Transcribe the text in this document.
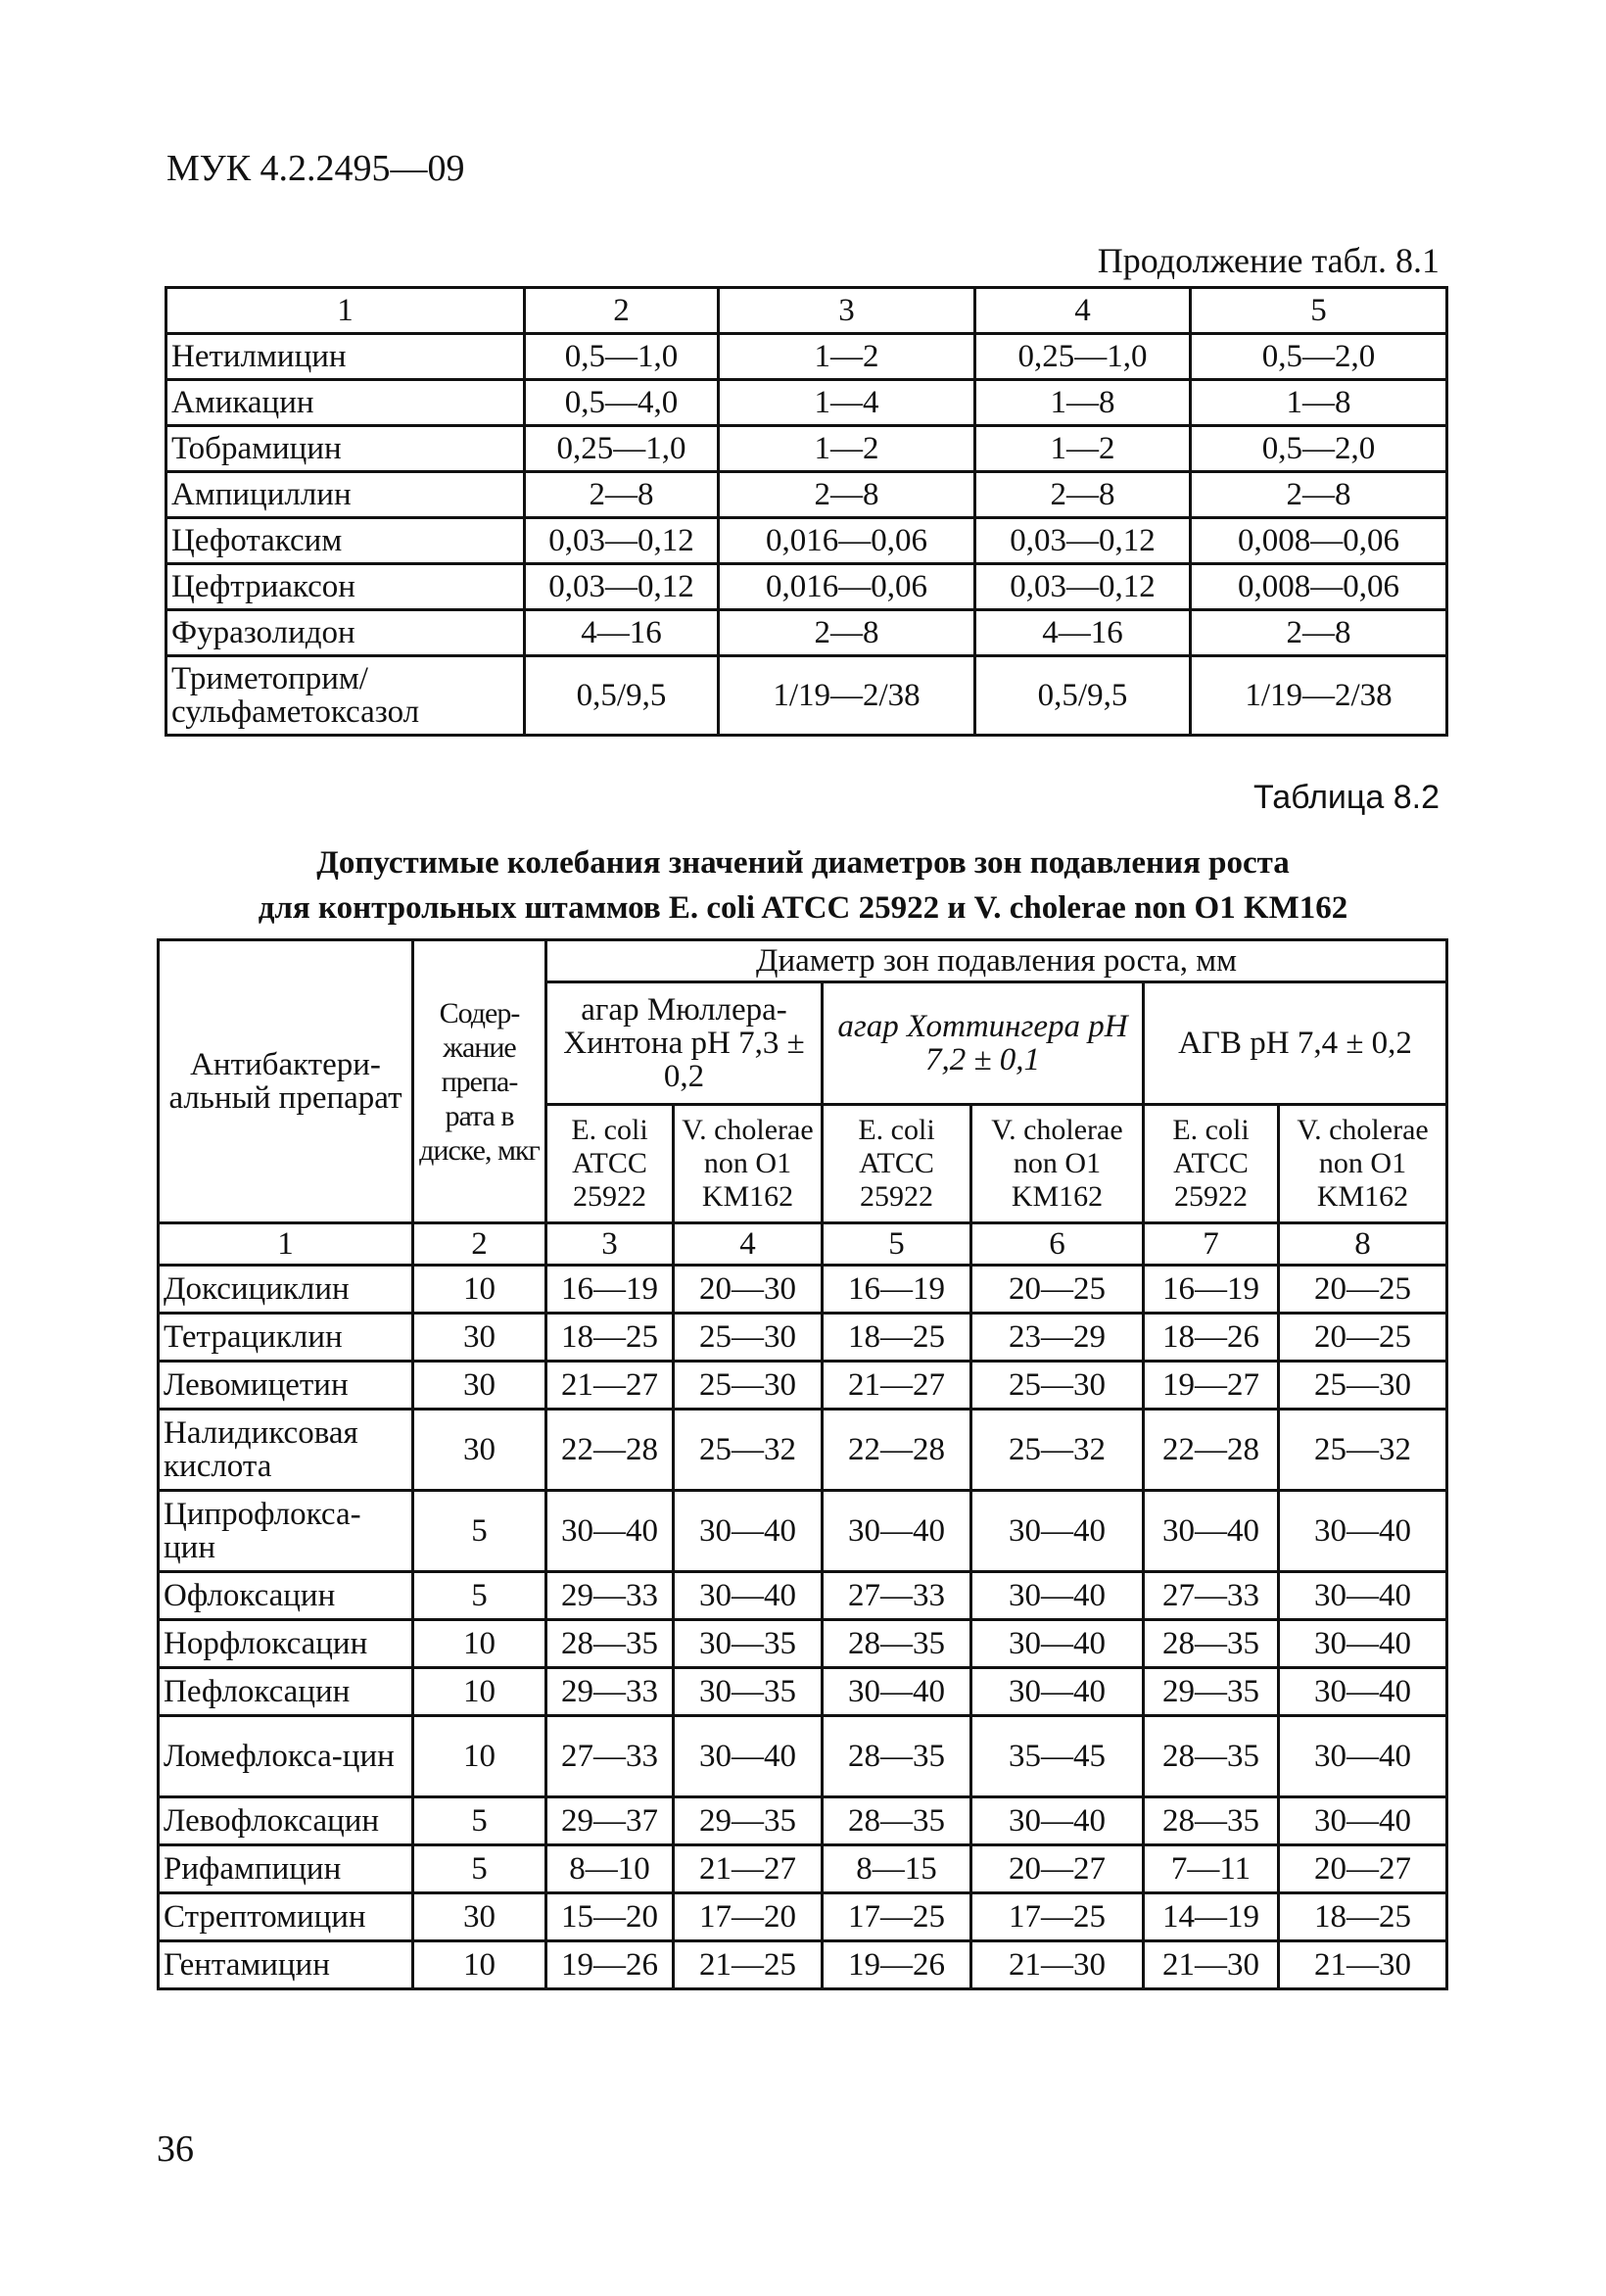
МУК 4.2.2495—09
Продолжение табл. 8.1
1	2	3	4	5
Нетилмицин	0,5—1,0	1—2	0,25—1,0	0,5—2,0
Амикацин	0,5—4,0	1—4	1—8	1—8
Тобрамицин	0,25—1,0	1—2	1—2	0,5—2,0
Ампициллин	2—8	2—8	2—8	2—8
Цефотаксим	0,03—0,12	0,016—0,06	0,03—0,12	0,008—0,06
Цефтриаксон	0,03—0,12	0,016—0,06	0,03—0,12	0,008—0,06
Фуразолидон	4—16	2—8	4—16	2—8
Триметоприм/ сульфаметоксазол	0,5/9,5	1/19—2/38	0,5/9,5	1/19—2/38
Таблица 8.2
Допустимые колебания значений диаметров зон подавления роста
для контрольных штаммов E. coli ATCC 25922 и V. cholerae non O1 KM162
Антибактери-альный препарат	Содер-жание препа-рата в диске, мкг	Диаметр зон подавления роста, мм					
		агар Мюллера-Хинтона рН 7,3 ± 0,2		агар Хоттингера рН 7,2 ± 0,1		АГВ рН 7,4 ± 0,2	
		E. coli ATCC 25922	V. cholerae non O1 KM162	E. coli ATCC 25922	V. cholerae non O1 KM162	E. coli ATCC 25922	V. cholerae non O1 KM162
1	2	3	4	5	6	7	8
Доксициклин	10	16—19	20—30	16—19	20—25	16—19	20—25
Тетрациклин	30	18—25	25—30	18—25	23—29	18—26	20—25
Левомицетин	30	21—27	25—30	21—27	25—30	19—27	25—30
Налидиксовая кислота	30	22—28	25—32	22—28	25—32	22—28	25—32
Ципрофлокса-цин	5	30—40	30—40	30—40	30—40	30—40	30—40
Офлоксацин	5	29—33	30—40	27—33	30—40	27—33	30—40
Норфлоксацин	10	28—35	30—35	28—35	30—40	28—35	30—40
Пефлоксацин	10	29—33	30—35	30—40	30—40	29—35	30—40
Ломефлокса-цин	10	27—33	30—40	28—35	35—45	28—35	30—40
Левофлоксацин	5	29—37	29—35	28—35	30—40	28—35	30—40
Рифампицин	5	8—10	21—27	8—15	20—27	7—11	20—27
Стрептомицин	30	15—20	17—20	17—25	17—25	14—19	18—25
Гентамицин	10	19—26	21—25	19—26	21—30	21—30	21—30
36
